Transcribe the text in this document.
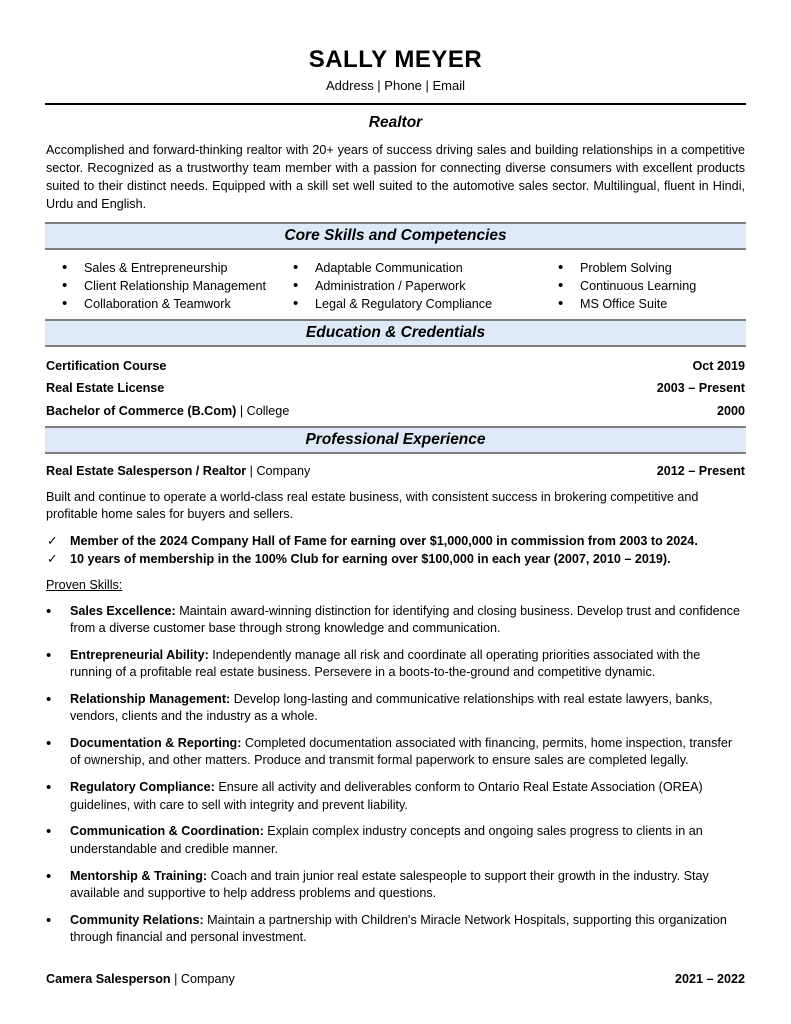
SALLY MEYER
Address | Phone | Email
Realtor
Accomplished and forward-thinking realtor with 20+ years of success driving sales and building relationships in a competitive sector. Recognized as a trustworthy team member with a passion for connecting diverse consumers with excellent products suited to their distinct needs. Equipped with a skill set well suited to the automotive sales sector. Multilingual, fluent in Hindi, Urdu and English.
Core Skills and Competencies
• Sales & Entrepreneurship
• Client Relationship Management
• Collaboration & Teamwork
• Adaptable Communication
• Administration / Paperwork
• Legal & Regulatory Compliance
• Problem Solving
• Continuous Learning
• MS Office Suite
Education & Credentials
Certification Course	Oct 2019
Real Estate License	2003 – Present
Bachelor of Commerce (B.Com) | College	2000
Professional Experience
Real Estate Salesperson / Realtor | Company	2012 – Present
Built and continue to operate a world-class real estate business, with consistent success in brokering competitive and profitable home sales for buyers and sellers.
✓ Member of the 2024 Company Hall of Fame for earning over $1,000,000 in commission from 2003 to 2024.
✓ 10 years of membership in the 100% Club for earning over $100,000 in each year (2007, 2010 – 2019).
Proven Skills:
• Sales Excellence: Maintain award-winning distinction for identifying and closing business. Develop trust and confidence from a diverse customer base through strong knowledge and communication.
• Entrepreneurial Ability: Independently manage all risk and coordinate all operating priorities associated with the running of a profitable real estate business. Persevere in a boots-to-the-ground and competitive dynamic.
• Relationship Management: Develop long-lasting and communicative relationships with real estate lawyers, banks, vendors, clients and the industry as a whole.
• Documentation & Reporting: Completed documentation associated with financing, permits, home inspection, transfer of ownership, and other matters. Produce and transmit formal paperwork to ensure sales are completed legally.
• Regulatory Compliance: Ensure all activity and deliverables conform to Ontario Real Estate Association (OREA) guidelines, with care to sell with integrity and prevent liability.
• Communication & Coordination: Explain complex industry concepts and ongoing sales progress to clients in an understandable and credible manner.
• Mentorship & Training: Coach and train junior real estate salespeople to support their growth in the industry. Stay available and supportive to help address problems and questions.
• Community Relations: Maintain a partnership with Children's Miracle Network Hospitals, supporting this organization through financial and personal investment.
Camera Salesperson | Company	2021 – 2022
